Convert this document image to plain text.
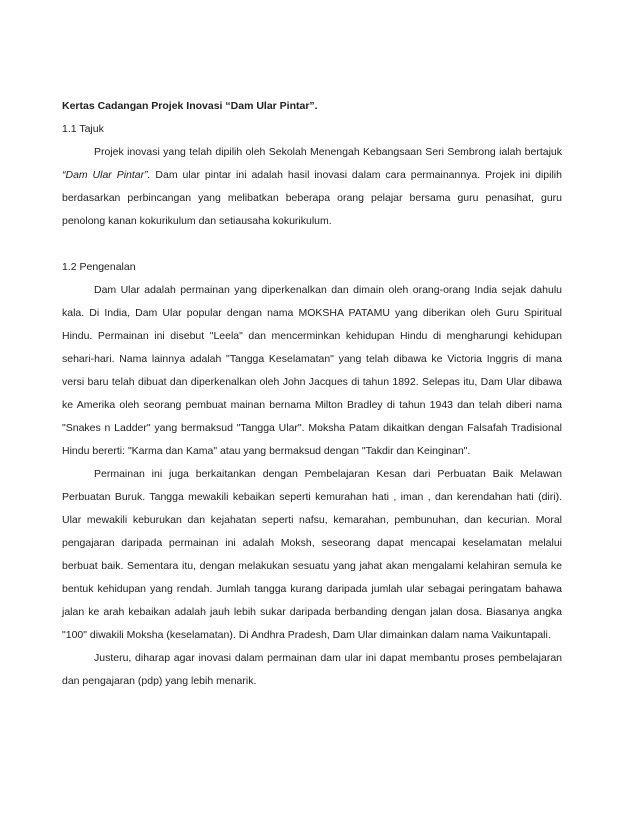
Kertas Cadangan Projek Inovasi “Dam Ular Pintar”.

1.1 Tajuk

Projek inovasi yang telah dipilih oleh Sekolah Menengah Kebangsaan Seri Sembrong ialah bertajuk “Dam Ular Pintar”. Dam ular pintar ini adalah hasil inovasi dalam cara permainannya. Projek ini dipilih berdasarkan perbincangan yang melibatkan beberapa orang pelajar bersama guru penasihat, guru penolong kanan kokurikulum dan setiausaha kokurikulum.

1.2 Pengenalan

Dam Ular adalah permainan yang diperkenalkan dan dimain oleh orang-orang India sejak dahulu kala. Di India, Dam Ular popular dengan nama MOKSHA PATAMU yang diberikan oleh Guru Spiritual Hindu. Permainan ini disebut "Leela" dan mencerminkan kehidupan Hindu di mengharungi kehidupan sehari-hari. Nama lainnya adalah "Tangga Keselamatan" yang telah dibawa ke Victoria Inggris di mana versi baru telah dibuat dan diperkenalkan oleh John Jacques di tahun 1892. Selepas itu, Dam Ular dibawa ke Amerika oleh seorang pembuat mainan bernama Milton Bradley di tahun 1943 dan telah diberi nama "Snakes n Ladder" yang bermaksud "Tangga Ular". Moksha Patam dikaitkan dengan Falsafah Tradisional Hindu bererti: "Karma dan Kama" atau yang bermaksud dengan "Takdir dan Keinginan".

Permainan ini juga berkaitankan dengan Pembelajaran Kesan dari Perbuatan Baik Melawan Perbuatan Buruk. Tangga mewakili kebaikan seperti kemurahan hati , iman , dan kerendahan hati (diri). Ular mewakili keburukan dan kejahatan seperti nafsu, kemarahan, pembunuhan, dan kecurian. Moral pengajaran daripada permainan ini adalah Moksh, seseorang dapat mencapai keselamatan melalui berbuat baik. Sementara itu, dengan melakukan sesuatu yang jahat akan mengalami kelahiran semula ke bentuk kehidupan yang rendah. Jumlah tangga kurang daripada jumlah ular sebagai peringatam bahawa jalan ke arah kebaikan adalah jauh lebih sukar daripada berbanding dengan jalan dosa. Biasanya angka "100" diwakili Moksha (keselamatan). Di Andhra Pradesh, Dam Ular dimainkan dalam nama Vaikuntapali.

Justeru, diharap agar inovasi dalam permainan dam ular ini dapat membantu proses pembelajaran dan pengajaran (pdp) yang lebih menarik.
